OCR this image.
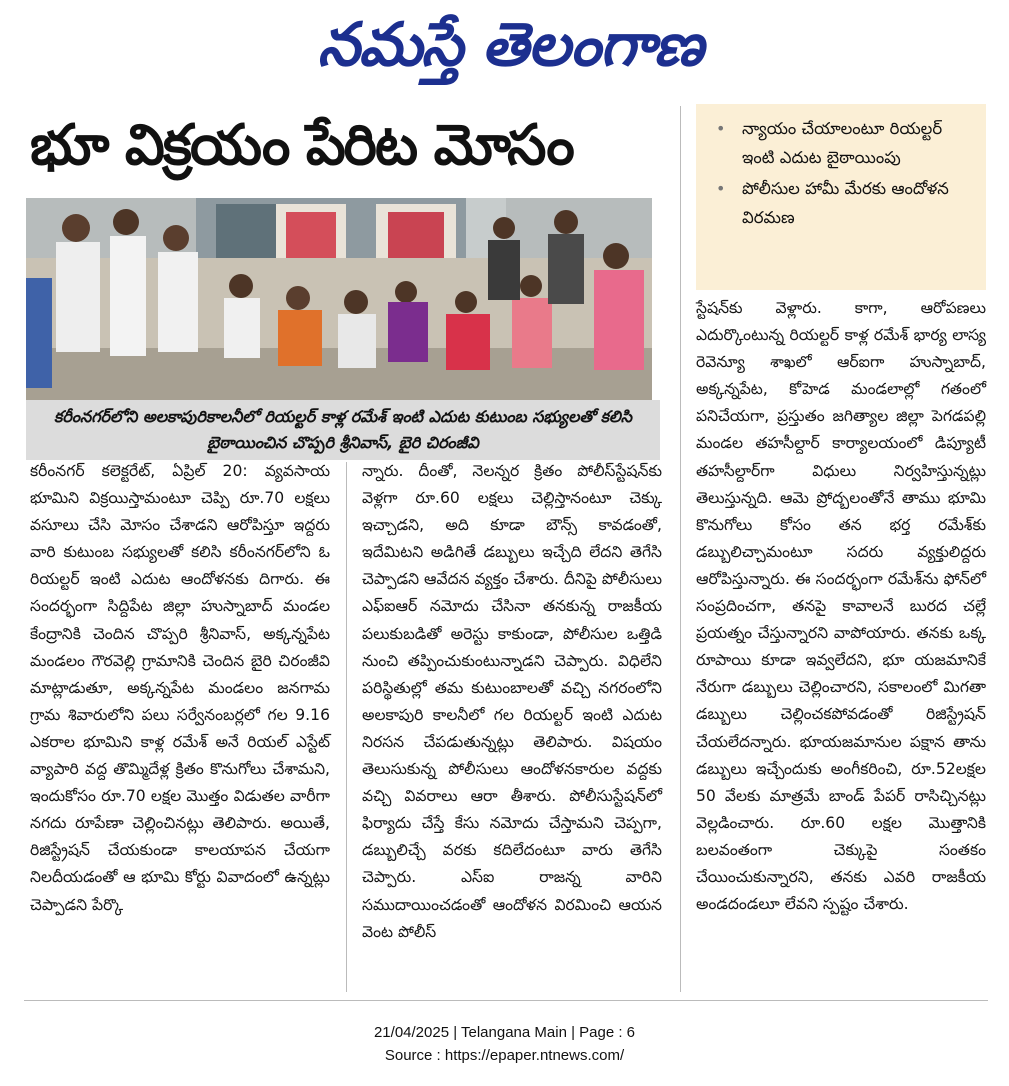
నమస్తే తెలంగాణ
భూ విక్రయం పేరిట మోసం	• న్యాయం చేయాలంటూ రియల్టర్ ఇంటి ఎదుట బైఠాయింపు
• పోలీసుల హామీ మేరకు ఆందోళన విరమణ
కరీంనగర్‌లోని అలకాపురికాలనీలో రియల్టర్ కాళ్ల రమేశ్ ఇంటి ఎదుట కుటుంబ సభ్యులతో కలిసి బైఠాయించిన చొప్పరి శ్రీనివాస్, బైరి చిరంజీవి

కరీంనగర్ కలెక్టరేట్, ఏప్రిల్ 20: వ్యవసాయ భూమిని విక్రయిస్తామంటూ చెప్పి రూ.70 లక్షలు వసూలు చేసి మోసం చేశాడని ఆరోపిస్తూ ఇద్దరు వారి కుటుంబ సభ్యులతో కలిసి కరీంనగర్‌లోని ఓ రియల్టర్ ఇంటి ఎదుట ఆందోళనకు దిగారు. ఈ సందర్భంగా సిద్దిపేట జిల్లా హుస్నాబాద్ మండల కేంద్రానికి చెందిన చొప్పరి శ్రీనివాస్, అక్కన్నపేట మండలం గౌరవెల్లి గ్రామానికి చెందిన బైరి చిరంజీవి మాట్లాడుతూ, అక్కన్నపేట మండలం జనగామ గ్రామ శివారులోని పలు సర్వేనంబర్లలో గల 9.16 ఎకరాల భూమిని కాళ్ల రమేశ్ అనే రియల్ ఎస్టేట్ వ్యాపారి వద్ద తొమ్మిదేళ్ల క్రితం కొనుగోలు చేశామని, ఇందుకోసం రూ.70 లక్షల మొత్తం విడుతల వారీగా నగదు రూపేణా చెల్లించినట్లు తెలిపారు. అయితే, రిజిస్ట్రేషన్ చేయకుండా కాలయాపన చేయగా నిలదీయడంతో ఆ భూమి కోర్టు వివాదంలో ఉన్నట్లు చెప్పాడని పేర్కొ

న్నారు. దీంతో, నెలన్నర క్రితం పోలీస్‌స్టేషన్‌కు వెళ్లగా రూ.60 లక్షలు చెల్లిస్తానంటూ చెక్కు ఇచ్చాడని, అది కూడా బౌన్స్ కావడంతో, ఇదేమిటని అడిగితే డబ్బులు ఇచ్చేది లేదని తెగేసి చెప్పాడని ఆవేదన వ్యక్తం చేశారు. దీనిపై పోలీసులు ఎఫ్ఐఆర్ నమోదు చేసినా తనకున్న రాజకీయ పలుకుబడితో అరెస్టు కాకుండా, పోలీసుల ఒత్తిడి నుంచి తప్పించుకుంటున్నాడని చెప్పారు. విధిలేని పరిస్థితుల్లో తమ కుటుంబాలతో వచ్చి నగరంలోని అలకాపురి కాలనీలో గల రియల్టర్ ఇంటి ఎదుట నిరసన చేపడుతున్నట్లు తెలిపారు. విషయం తెలుసుకున్న పోలీసులు ఆందోళనకారుల వద్దకు వచ్చి వివరాలు ఆరా తీశారు. పోలీసుస్టేషన్‌లో ఫిర్యాదు చేస్తే కేసు నమోదు చేస్తామని చెప్పగా, డబ్బులిచ్చే వరకు కదిలేదంటూ వారు తెగేసి చెప్పారు. ఎస్ఐ రాజన్న వారిని సముదాయించడంతో ఆందోళన విరమించి ఆయన వెంట పోలీస్

స్టేషన్‌కు వెళ్లారు. కాగా, ఆరోపణలు ఎదుర్కొంటున్న రియల్టర్ కాళ్ల రమేశ్ భార్య లాస్య రెవెన్యూ శాఖలో ఆర్ఐగా హుస్నాబాద్, అక్కన్నపేట, కోహెడ మండలాల్లో గతంలో పనిచేయగా, ప్రస్తుతం జగిత్యాల జిల్లా పెగడపల్లి మండల తహసీల్దార్ కార్యాలయంలో డిప్యూటీ తహసీల్దార్‌గా విధులు నిర్వహిస్తున్నట్లు తెలుస్తున్నది. ఆమె ప్రోద్బలంతోనే తాము భూమి కొనుగోలు కోసం తన భర్త రమేశ్‌కు డబ్బులిచ్చామంటూ సదరు వ్యక్తులిద్దరు ఆరోపిస్తున్నారు. ఈ సందర్భంగా రమేశ్‌ను ఫోన్‌లో సంప్రదించగా, తనపై కావాలనే బురద చల్లే ప్రయత్నం చేస్తున్నారని వాపోయారు. తనకు ఒక్క రూపాయి కూడా ఇవ్వలేదని, భూ యజమానికే నేరుగా డబ్బులు చెల్లించారని, సకాలంలో మిగతా డబ్బులు చెల్లించకపోవడంతో రిజిస్ట్రేషన్ చేయలేదన్నారు. భూయజమానుల పక్షాన తాను డబ్బులు ఇచ్చేందుకు అంగీకరించి, రూ.52లక్షల 50 వేలకు మాత్రమే బాండ్ పేపర్ రాసిచ్చినట్లు వెల్లడించారు. రూ.60 లక్షల మొత్తానికి బలవంతంగా చెక్కుపై సంతకం చేయించుకున్నారని, తనకు ఎవరి రాజకీయ అండదండలూ లేవని స్పష్టం చేశారు.

21/04/2025 | Telangana Main | Page : 6
Source : https://epaper.ntnews.com/
